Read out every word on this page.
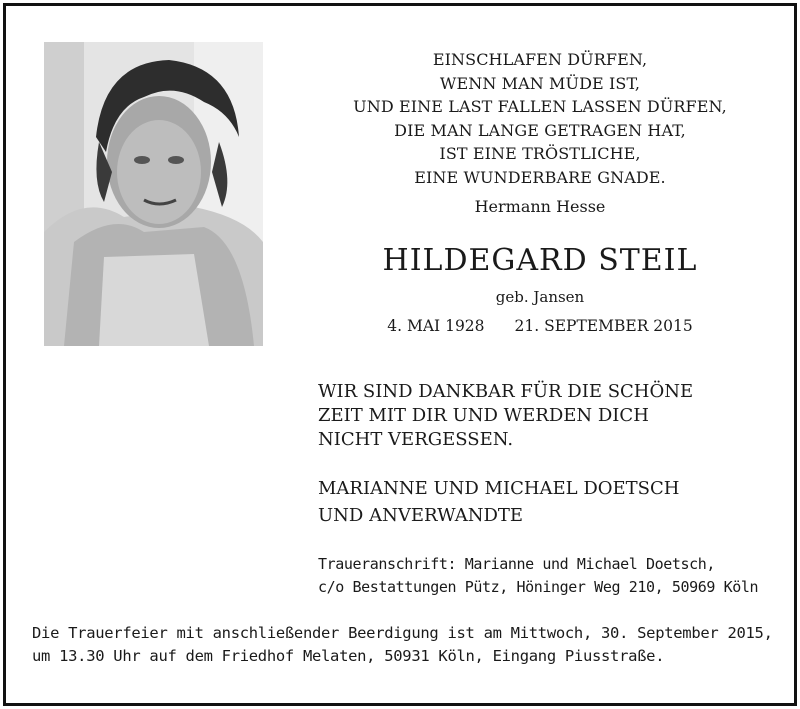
EINSCHLAFEN DÜRFEN,
WENN MAN MÜDE IST,
UND EINE LAST FALLEN LASSEN DÜRFEN,
DIE MAN LANGE GETRAGEN HAT,
IST EINE TRÖSTLICHE,
EINE WUNDERBARE GNADE.
Hermann Hesse
HILDEGARD STEIL
geb. Jansen
4. MAI 1928 21. SEPTEMBER 2015
WIR SIND DANKBAR FÜR DIE SCHÖNE
ZEIT MIT DIR UND WERDEN DICH
NICHT VERGESSEN.
MARIANNE UND MICHAEL DOETSCH
UND ANVERWANDTE
Traueranschrift: Marianne und Michael Doetsch,
c/o Bestattungen Pütz, Höninger Weg 210, 50969 Köln
Die Trauerfeier mit anschließender Beerdigung ist am Mittwoch, 30. September 2015,
um 13.30 Uhr auf dem Friedhof Melaten, 50931 Köln, Eingang Piusstraße.
